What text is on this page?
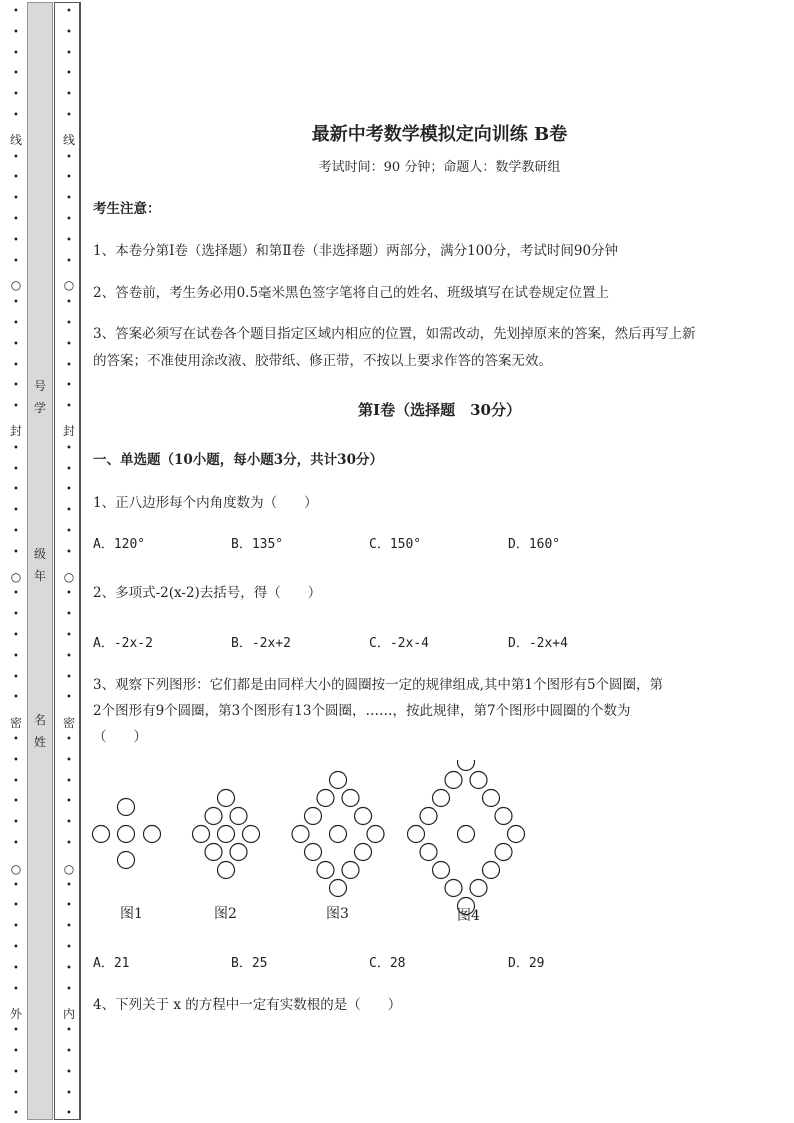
•
•
•
•
•
•
•
•
•
•
•
•
•
•
•
•
•
•
•
•
•
•
•
•
•
•
•
•
•
•
•
•
•
•
•
•
•
•
•
•
•
•
•
•
•
•
•
线
○
封
○
密
○
外
号
学
级
年
名
姓
•
•
•
•
•
•
•
•
•
•
•
•
•
•
•
•
•
•
•
•
•
•
•
•
•
•
•
•
•
•
•
•
•
•
•
•
•
•
•
•
•
•
•
•
•
•
•
线
○
封
○
密
○
内
最新中考数学模拟定向训练 B卷
考试时间：90 分钟；命题人：数学教研组
考生注意：
1、本卷分第Ⅰ卷（选择题）和第Ⅱ卷（非选择题）两部分，满分100分，考试时间90分钟
2、答卷前，考生务必用0.5毫米黑色签字笔将自己的姓名、班级填写在试卷规定位置上
3、答案必须写在试卷各个题目指定区域内相应的位置，如需改动，先划掉原来的答案，然后再写上新
的答案；不准使用涂改液、胶带纸、修正带，不按以上要求作答的答案无效。
第Ⅰ卷（选择题　30分）
一、单选题（10小题，每小题3分，共计30分）
1、正八边形每个内角度数为（　　）
A．120°	B．135°	C．150°	D．160°
2、多项式-2(x-2)去括号，得（　　）
A．-2x-2	B．-2x+2	C．-2x-4	D．-2x+4
3、观察下列图形：它们都是由同样大小的圆圈按一定的规律组成,其中第1个图形有5个圆圈，第
2个图形有9个圆圈，第3个图形有13个圆圈，……，按此规律，第7个图形中圆圈的个数为
（　　）
图1	图2	图3	图4
A．21	B．25	C．28	D．29
4、下列关于 x 的方程中一定有实数根的是（　　）
